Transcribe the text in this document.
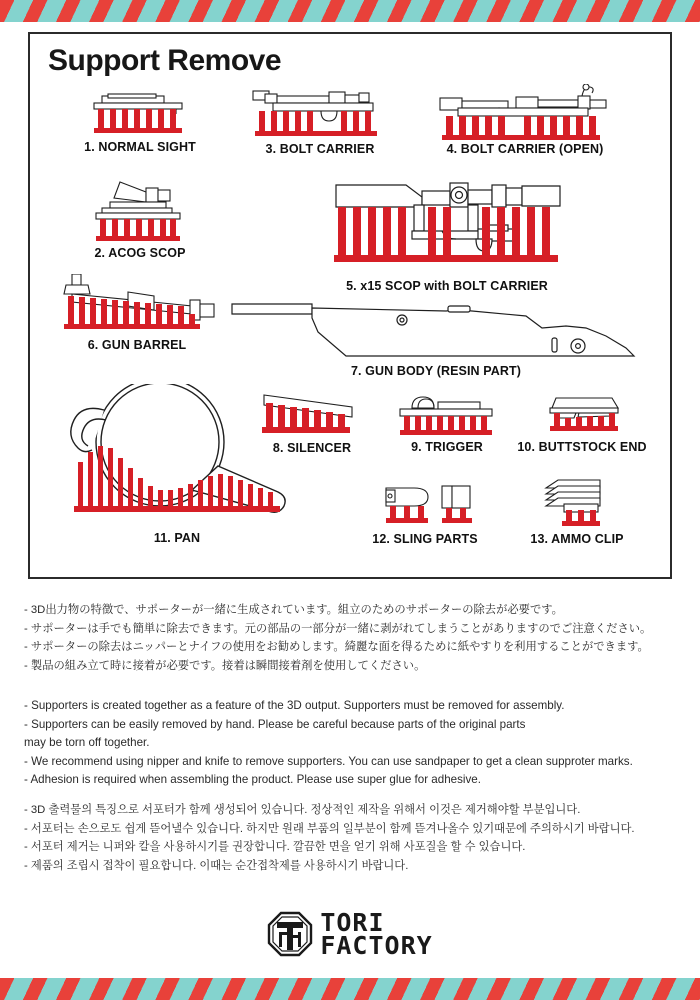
Support Remove
1. NORMAL SIGHT
2. ACOG SCOP
3. BOLT CARRIER	4. BOLT CARRIER (OPEN)
5. x15 SCOP with BOLT CARRIER
6. GUN BARREL
7. GUN BODY (RESIN PART)
8. SILENCER	9. TRIGGER	10. BUTTSTOCK END
11. PAN	12. SLING PARTS	13. AMMO CLIP
- 3D出力物の特徴で、サポーターが一緒に生成されています。組立のためのサポーターの除去が必要です。
- サポーターは手でも簡単に除去できます。元の部品の一部分が一緒に剥がれてしまうことがありますのでご注意ください。
- サポーターの除去はニッパーとナイフの使用をお勧めします。綺麗な面を得るために紙やすりを利用することができます。
- 製品の組み立て時に接着が必要です。接着は瞬間接着剤を使用してください。
- Supporters is created together as a feature of the 3D output. Supporters must be removed for assembly.
- Supporters can be easily removed by hand. Please be careful because parts of the original parts
may be torn off together.
- We recommend using nipper and knife to remove supporters. You can use sandpaper to get a clean supproter marks.
- Adhesion is required when assembling the product. Please use super glue for adhesive.
- 3D 출력물의 특징으로 서포터가 함께 생성되어 있습니다. 정상적인 제작을 위해서 이것은 제거해야할 부분입니다.
- 서포터는 손으로도 쉽게 뜯어낼수 있습니다. 하지만 원래 부품의 일부분이 함께 뜯겨나올수 있기때문에 주의하시기 바랍니다.
- 서포터 제거는 니퍼와 칼을 사용하시기를 권장합니다. 깔끔한 면을 얻기 위해 사포질을 할 수 있습니다.
- 제품의 조립시 접착이 필요합니다. 이때는 순간접착제를 사용하시기 바랍니다.
TORI
FACTORY
